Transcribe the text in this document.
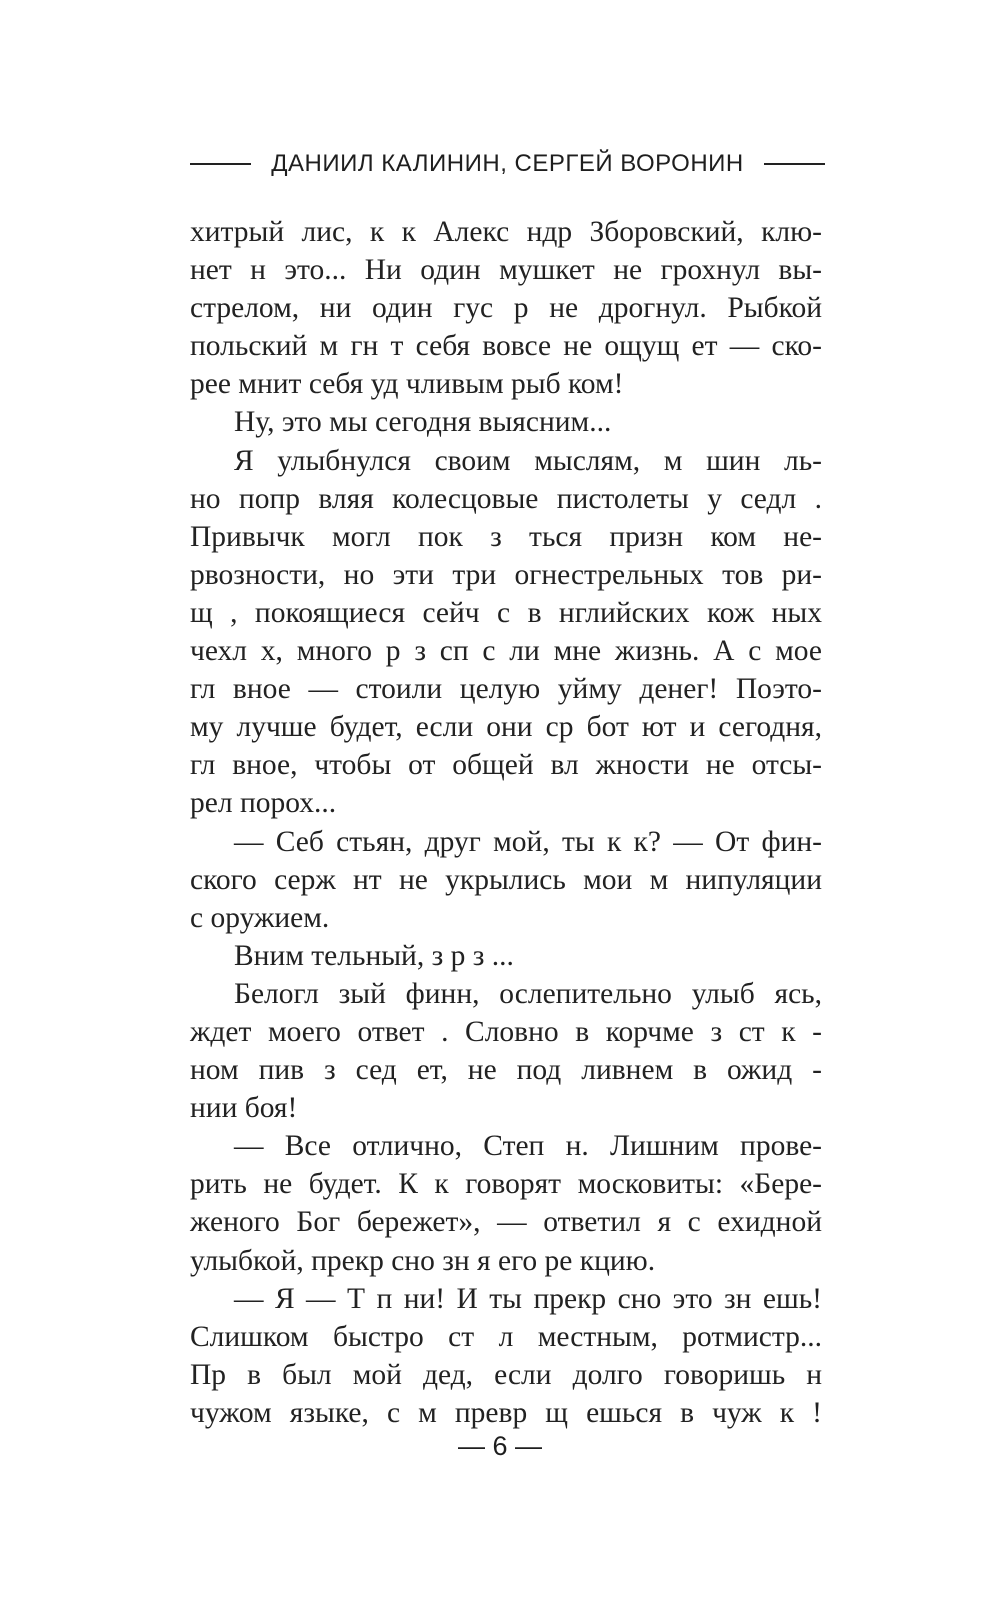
ДАНИИЛ КАЛИНИН, СЕРГЕЙ ВОРОНИН
хитрый лис, к к Алекс ндр Зборовский, клю-
нет н это... Ни один мушкет не грохнул вы-
стрелом, ни один гус р не дрогнул. Рыбкой
польский м гн т себя вовсе не ощущ ет — ско-
рее мнит себя уд чливым рыб ком!
Ну, это мы сегодня выясним...
Я улыбнулся своим мыслям, м шин ль-
но попр вляя колесцовые пистолеты у седл .
Привычк могл пок з ться призн ком не-
рвозности, но эти три огнестрельных тов ри-
щ , покоящиеся сейч с в нглийских кож ных
чехл х, много р з сп с ли мне жизнь. А с мое
гл вное — стоили целую уйму денег! Поэто-
му лучше будет, если они ср бот ют и сегодня,
гл вное, чтобы от общей вл жности не отсы-
рел порох...
— Себ стьян, друг мой, ты к к? — От фин-
ского серж нт не укрылись мои м нипуляции
с оружием.
Вним тельный, з р з ...
Белогл зый финн, ослепительно улыб ясь,
ждет моего ответ . Словно в корчме з ст к -
ном пив з сед ет, не под ливнем в ожид -
нии боя!
— Все отлично, Степ н. Лишним прове-
рить не будет. К к говорят московиты: «Бере-
женого Бог бережет», — ответил я с ехидной
улыбкой, прекр сно зн я его ре кцию.
— Я — Т п ни! И ты прекр сно это зн ешь!
Слишком быстро ст л местным, ротмистр...
Пр в был мой дед, если долго говоришь н
чужом языке, с м превр щ ешься в чуж к !
— 6 —
